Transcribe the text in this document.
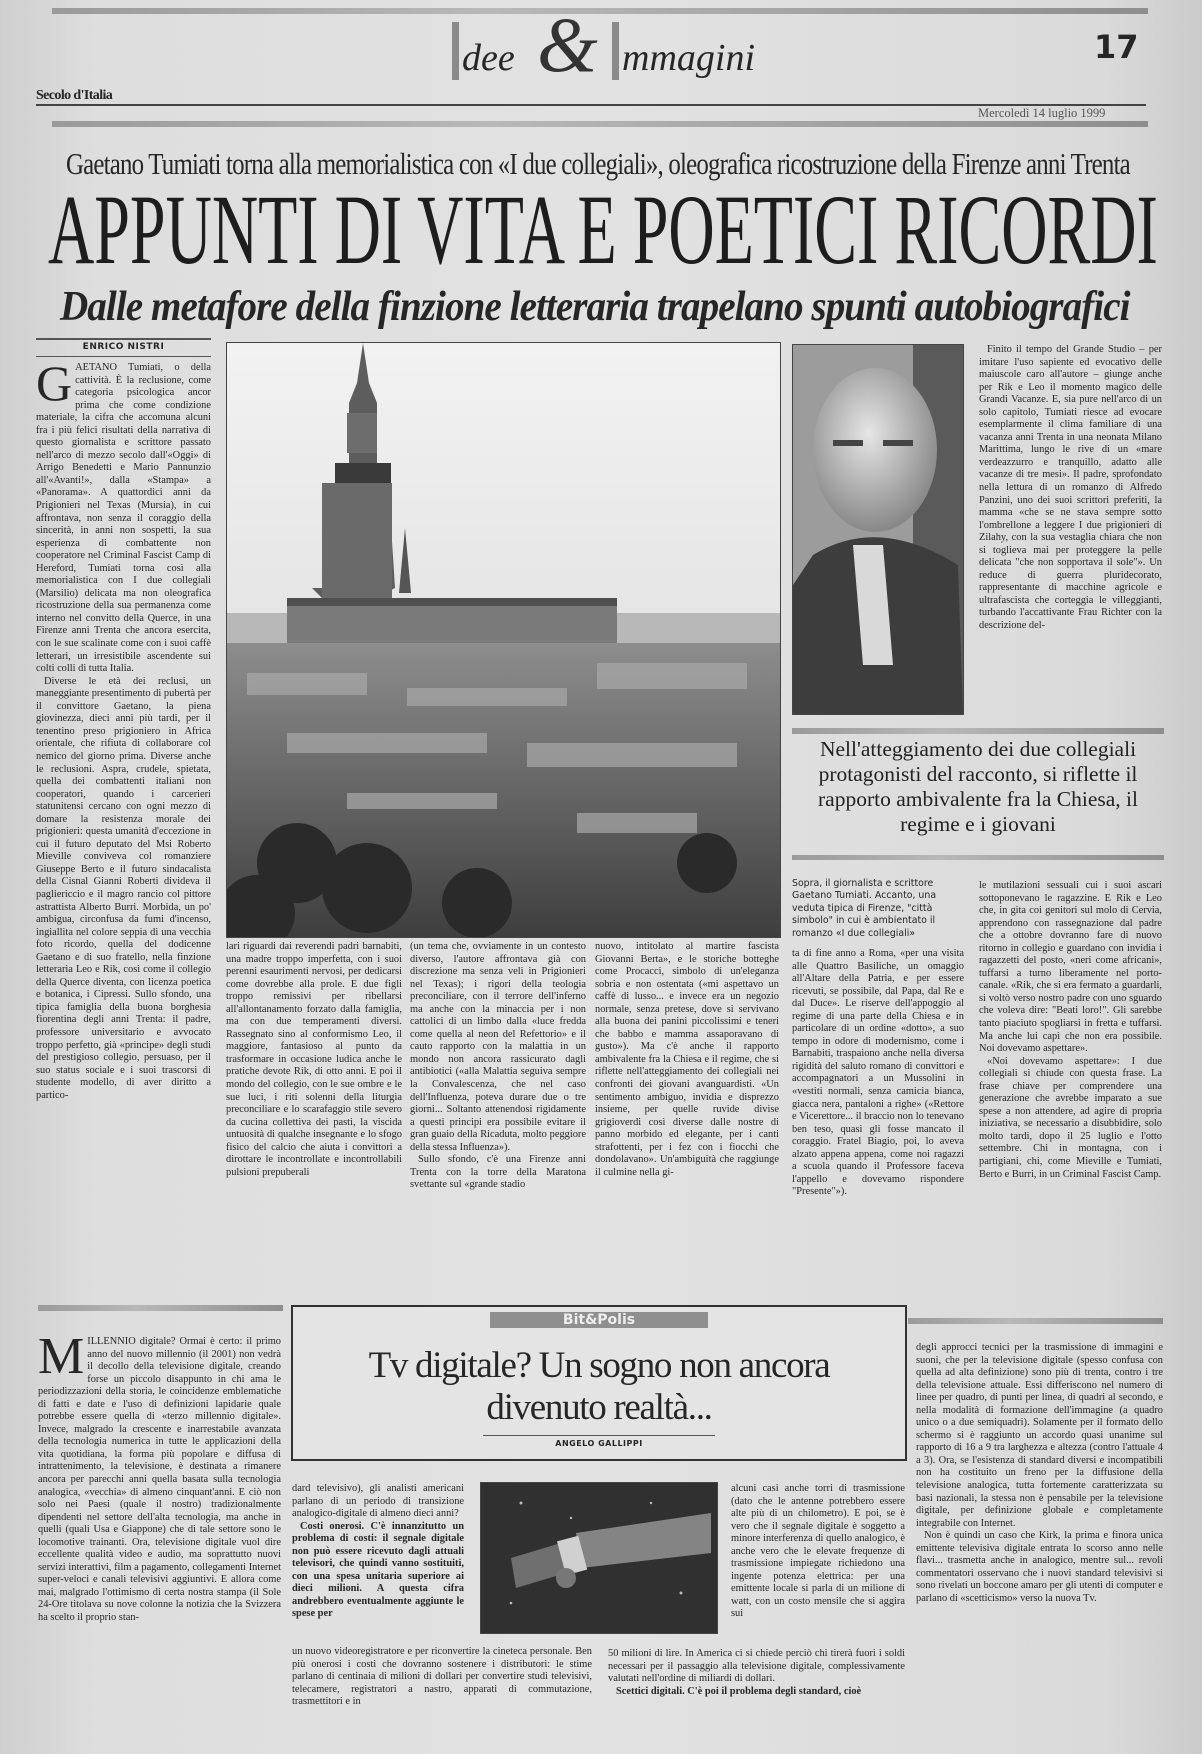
dee & mmagini	17
Secolo d'Italia
Mercoledì 14 luglio 1999
Gaetano Tumiati torna alla memorialistica con «I due collegiali», oleografica ricostruzione della Firenze anni Trenta
APPUNTI DI VITA E POETICI RICORDI
Dalle metafore della finzione letteraria trapelano spunti autobiografici
ENRICO NISTRI

GAETANO Tumiati, o della cattività. È la reclusione, come categoria psicologica ancor prima che come condizione materiale, la cifra che accomuna alcuni fra i più felici risultati della narrativa di questo giornalista e scrittore passato nell'arco di mezzo secolo dall'«Oggi» di Arrigo Benedetti e Mario Pannunzio all'«Avanti!», dalla «Stampa» a «Panorama». A quattordici anni da Prigionieri nel Texas (Mursia), in cui affrontava, non senza il coraggio della sincerità, in anni non sospetti, la sua esperienza di combattente non cooperatore nel Criminal Fascist Camp di Hereford, Tumiati torna così alla memorialistica con I due collegiali (Marsilio) delicata ma non oleografica ricostruzione della sua permanenza come interno nel convitto della Querce, in una Firenze anni Trenta che ancora esercita, con le sue scalinate come con i suoi caffè letterari, un irresistibile ascendente sui colti colli di tutta Italia.

Diverse le età dei reclusi, un maneggiante presentimento di pubertà per il convittore Gaetano, la piena giovinezza, dieci anni più tardi, per il tenentino preso prigioniero in Africa orientale, che rifiuta di collaborare col nemico del giorno prima. Diverse anche le reclusioni. Aspra, crudele, spietata, quella dei combattenti italiani non cooperatori, quando i carcerieri statunitensi cercano con ogni mezzo di domare la resistenza morale dei prigionieri: questa umanità d'eccezione in cui il futuro deputato del Msi Roberto Mieville conviveva col romanziere Giuseppe Berto e il futuro sindacalista della Cisnal Gianni Roberti divideva il pagliericcio e il magro rancio col pittore astrattista Alberto Burri. Morbida, un po' ambigua, circonfusa da fumi d'incenso, ingiallita nel colore seppia di una vecchia foto ricordo, quella del dodicenne Gaetano e di suo fratello, nella finzione letteraria Leo e Rik, così come il collegio della Querce diventa, con licenza poetica e botanica, i Cipressi. Sullo sfondo, una tipica famiglia della buona borghesia fiorentina degli anni Trenta: il padre, professore universitario e avvocato troppo perfetto, già «principe» degli studi del prestigioso collegio, persuaso, per il suo status sociale e i suoi trascorsi di studente modello, di aver diritto a partico-

Finito il tempo del Grande Studio – per imitare l'uso sapiente ed evocativo delle maiuscole caro all'autore – giunge anche per Rik e Leo il momento magico delle Grandi Vacanze. E, sia pure nell'arco di un solo capitolo, Tumiati riesce ad evocare esemplarmente il clima familiare di una vacanza anni Trenta in una neonata Milano Marittima, lungo le rive di un «mare verdeazzurro e tranquillo, adatto alle vacanze di tre mesi». Il padre, sprofondato nella lettura di un romanzo di Alfredo Panzini, uno dei suoi scrittori preferiti, la mamma «che se ne stava sempre sotto l'ombrellone a leggere I due prigionieri di Zilahy, con la sua vestaglia chiara che non si toglieva mai per proteggere la pelle delicata "che non sopportava il sole"». Un reduce di guerra pluridecorato, rappresentante di macchine agricole e ultrafascista che corteggia le villeggianti, turbando l'accattivante Frau Richter con la descrizione del-

Nell'atteggiamento dei due collegiali protagonisti del racconto, si riflette il rapporto ambivalente fra la Chiesa, il regime e i giovani
Sopra, il giornalista e scrittore Gaetano Tumiati. Accanto, una veduta tipica di Firenze, "città simbolo" in cui è ambientato il romanzo «I due collegiali»

lari riguardi dai reverendi padri barnabiti, una madre troppo imperfetta, con i suoi perenni esaurimenti nervosi, per dedicarsi come dovrebbe alla prole. E due figli troppo remissivi per ribellarsi all'allontanamento forzato dalla famiglia, ma con due temperamenti diversi. Rassegnato sino al conformismo Leo, il maggiore, fantasioso al punto da trasformare in occasione ludica anche le pratiche devote Rik, di otto anni. E poi il mondo del collegio, con le sue ombre e le sue luci, i riti solenni della liturgia preconciliare e lo scarafaggio stile severo da cucina collettiva dei pasti, la viscida untuosità di qualche insegnante e lo sfogo fisico del calcio che aiuta i convittori a dirottare le incontrollate e incontrollabili pulsioni prepuberali

(un tema che, ovviamente in un contesto diverso, l'autore affrontava già con discrezione ma senza veli in Prigionieri nel Texas); i rigori della teologia preconciliare, con il terrore dell'inferno ma anche con la minaccia per i non cattolici di un limbo dalla «luce fredda come quella al neon del Refettorio» e il cauto rapporto con la malattia in un mondo non ancora rassicurato dagli antibiotici («alla Malattia seguiva sempre la Convalescenza, che nel caso dell'Influenza, poteva durare due o tre giorni... Soltanto attenendosi rigidamente a questi principi era possibile evitare il gran guaio della Ricaduta, molto peggiore della stessa Influenza»).

Sullo sfondo, c'è una Firenze anni Trenta con la torre della Maratona svettante sul «grande stadio

nuovo, intitolato al martire fascista Giovanni Berta», e le storiche botteghe come Procacci, simbolo di un'eleganza sobria e non ostentata («mi aspettavo un caffè di lusso... e invece era un negozio normale, senza pretese, dove si servivano alla buona dei panini piccolissimi e teneri che babbo e mamma assaporavano di gusto»). Ma c'è anche il rapporto ambivalente fra la Chiesa e il regime, che si riflette nell'atteggiamento dei collegiali nei confronti dei giovani avanguardisti. «Un sentimento ambiguo, invidia e disprezzo insieme, per quelle ruvide divise grigioverdi così diverse dalle nostre di panno morbido ed elegante, per i canti strafottenti, per i fez con i fiocchi che dondolavano». Un'ambiguità che raggiunge il culmine nella gi-

ta di fine anno a Roma, «per una visita alle Quattro Basiliche, un omaggio all'Altare della Patria, e per essere ricevuti, se possibile, dal Papa, dal Re e dal Duce». Le riserve dell'appoggio al regime di una parte della Chiesa e in particolare di un ordine «dotto», a suo tempo in odore di modernismo, come i Barnabiti, traspaiono anche nella diversa rigidità del saluto romano di convittori e accompagnatori a un Mussolini in «vestiti normali, senza camicia bianca, giacca nera, pantaloni a righe» («Rettore e Vicerettore... il braccio non lo tenevano ben teso, quasi gli fosse mancato il coraggio. Fratel Biagio, poi, lo aveva alzato appena appena, come noi ragazzi a scuola quando il Professore faceva l'appello e dovevamo rispondere "Presente"»).

le mutilazioni sessuali cui i suoi ascari sottoponevano le ragazzine. E Rik e Leo che, in gita coi genitori sul molo di Cervia, apprendono con rassegnazione dal padre che a ottobre dovranno fare di nuovo ritorno in collegio e guardano con invidia i ragazzetti del posto, «neri come africani», tuffarsi a turno liberamente nel porto-canale. «Rik, che si era fermato a guardarli, si voltò verso nostro padre con uno sguardo che voleva dire: "Beati loro!". Gli sarebbe tanto piaciuto spogliarsi in fretta e tuffarsi. Ma anche lui capì che non era possibile. Noi dovevamo aspettare».

«Noi dovevamo aspettare»: I due collegiali si chiude con questa frase. La frase chiave per comprendere una generazione che avrebbe imparato a sue spese a non attendere, ad agire di propria iniziativa, se necessario a disubbidire, solo molto tardi, dopo il 25 luglio e l'otto settembre. Chi in montagna, con i partigiani, chi, come Mieville e Tumiati, Berto e Burri, in un Criminal Fascist Camp.

Bit&Polis
Tv digitale? Un sogno non ancora divenuto realtà...
ANGELO GALLIPPI

MILLENNIO digitale? Ormai è certo: il primo anno del nuovo millennio (il 2001) non vedrà il decollo della televisione digitale, creando forse un piccolo disappunto in chi ama le periodizzazioni della storia, le coincidenze emblematiche di fatti e date e l'uso di definizioni lapidarie quale potrebbe essere quella di «terzo millennio digitale». Invece, malgrado la crescente e inarrestabile avanzata della tecnologia numerica in tutte le applicazioni della vita quotidiana, la forma più popolare e diffusa di intrattenimento, la televisione, è destinata a rimanere ancora per parecchi anni quella basata sulla tecnologia analogica, «vecchia» di almeno cinquant'anni. E ciò non solo nei Paesi (quale il nostro) tradizionalmente dipendenti nel settore dell'alta tecnologia, ma anche in quelli (quali Usa e Giappone) che di tale settore sono le locomotive trainanti. Ora, televisione digitale vuol dire eccellente qualità video e audio, ma soprattutto nuovi servizi interattivi, film a pagamento, collegamenti Internet super-veloci e canali televisivi aggiuntivi. E allora come mai, malgrado l'ottimismo di certa nostra stampa (il Sole 24-Ore titolava su nove colonne la notizia che la Svizzera ha scelto il proprio stan-

dard televisivo), gli analisti americani parlano di un periodo di transizione analogico-digitale di almeno dieci anni?

Costi onerosi. C'è innanzitutto un problema di costi: il segnale digitale non può essere ricevuto dagli attuali televisori, che quindi vanno sostituiti, con una spesa unitaria superiore ai dieci milioni. A questa cifra andrebbero eventualmente aggiunte le spese per

alcuni casi anche torri di trasmissione (dato che le antenne potrebbero essere alte più di un chilometro). E poi, se è vero che il segnale digitale è soggetto a minore interferenza di quello analogico, è anche vero che le elevate frequenze di trasmissione impiegate richiedono una ingente potenza elettrica: per una emittente locale si parla di un milione di watt, con un costo mensile che si aggira sui

un nuovo videoregistratore e per riconvertire la cineteca personale. Ben più onerosi i costi che dovranno sostenere i distributori: le stime parlano di centinaia di milioni di dollari per convertire studi televisivi, telecamere, registratori a nastro, apparati di commutazione, trasmettitori e in

50 milioni di lire. In America ci si chiede perciò chi tirerà fuori i soldi necessari per il passaggio alla televisione digitale, complessivamente valutati nell'ordine di miliardi di dollari.

Scettici digitali. C'è poi il problema degli standard, cioè

degli approcci tecnici per la trasmissione di immagini e suoni, che per la televisione digitale (spesso confusa con quella ad alta definizione) sono più di trenta, contro i tre della televisione attuale. Essi differiscono nel numero di linee per quadro, di punti per linea, di quadri al secondo, e nella modalità di formazione dell'immagine (a quadro unico o a due semiquadri). Solamente per il formato dello schermo si è raggiunto un accordo quasi unanime sul rapporto di 16 a 9 tra larghezza e altezza (contro l'attuale 4 a 3). Ora, se l'esistenza di standard diversi e incompatibili non ha costituito un freno per la diffusione della televisione analogica, tutta fortemente caratterizzata su basi nazionali, la stessa non è pensabile per la televisione digitale, per definizione globale e completamente integrabile con Internet.

Non è quindi un caso che Kirk, la prima e finora unica emittente televisiva digitale entrata lo scorso anno nelle flavi... trasmetta anche in analogico, mentre sul... revoli commentatori osservano che i nuovi standard televisivi si sono rivelati un boccone amaro per gli utenti di computer e parlano di «scetticismo» verso la nuova Tv.
